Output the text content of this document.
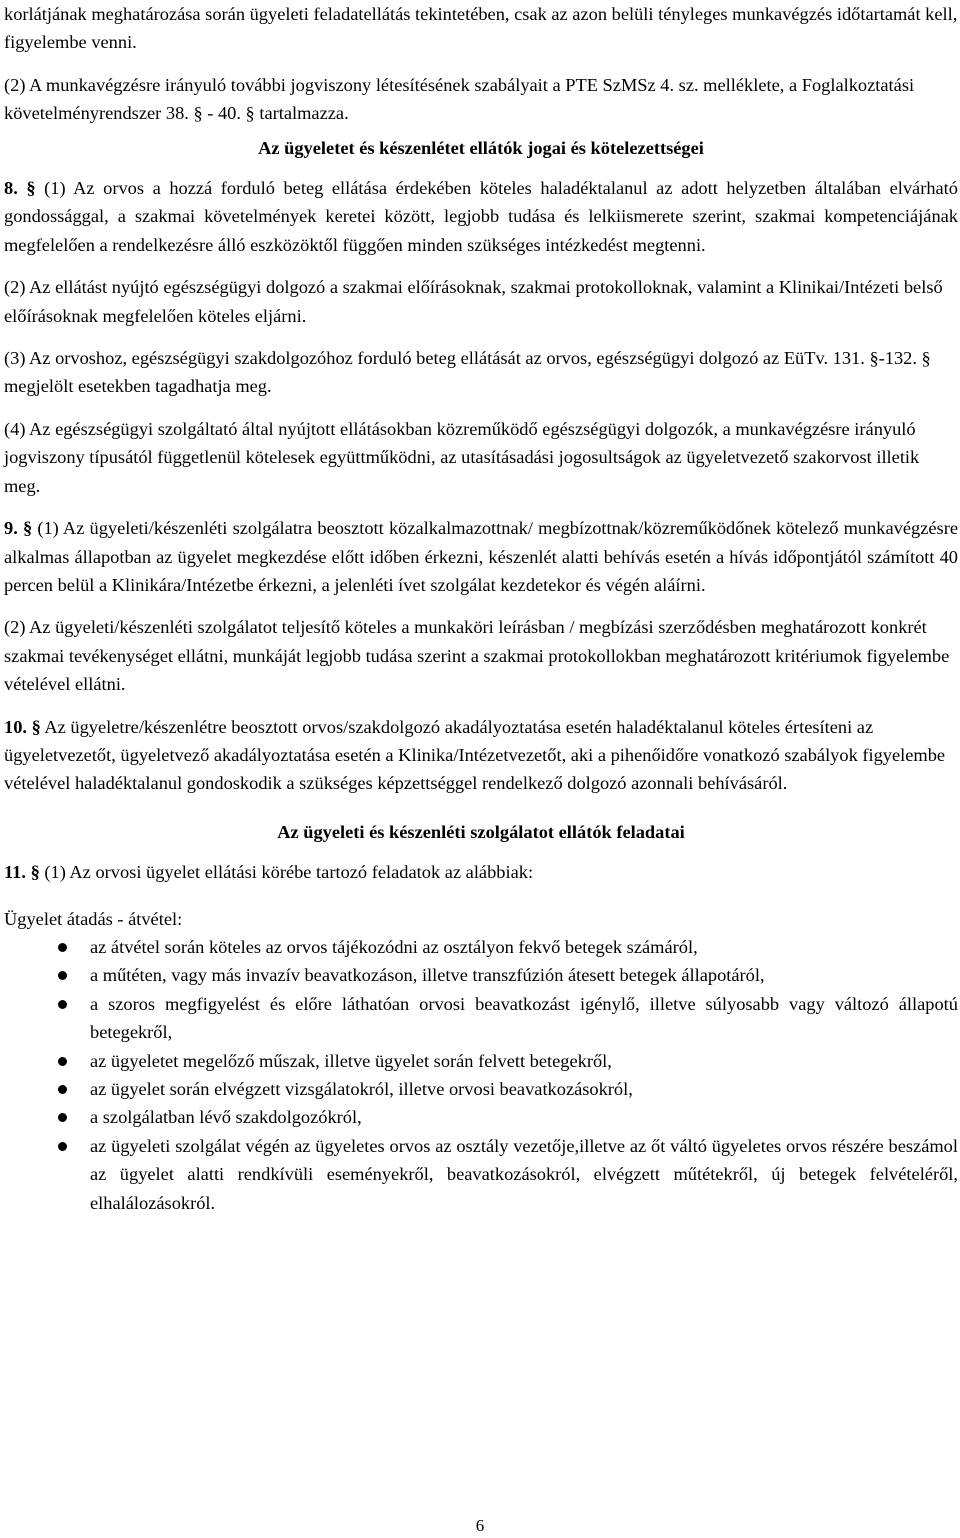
korlátjának meghatározása során ügyeleti feladatellátás tekintetében, csak az azon belüli tényleges munkavégzés időtartamát kell, figyelembe venni.

(2) A munkavégzésre irányuló további jogviszony létesítésének szabályait a PTE SzMSz 4. sz. melléklete, a Foglalkoztatási követelményrendszer 38. § - 40. § tartalmazza.

Az ügyeletet és készenlétet ellátók jogai és kötelezettségei

8. § (1) Az orvos a hozzá forduló beteg ellátása érdekében köteles haladéktalanul az adott helyzetben általában elvárható gondossággal, a szakmai követelmények keretei között, legjobb tudása és lelkiismerete szerint, szakmai kompetenciájának megfelelően a rendelkezésre álló eszközöktől függően minden szükséges intézkedést megtenni.

(2) Az ellátást nyújtó egészségügyi dolgozó a szakmai előírásoknak, szakmai protokolloknak, valamint a Klinikai/Intézeti belső előírásoknak megfelelően köteles eljárni.

(3) Az orvoshoz, egészségügyi szakdolgozóhoz forduló beteg ellátását az orvos, egészségügyi dolgozó az EüTv. 131. §-132. § megjelölt esetekben tagadhatja meg.

(4) Az egészségügyi szolgáltató által nyújtott ellátásokban közreműködő egészségügyi dolgozók, a munkavégzésre irányuló jogviszony típusától függetlenül kötelesek együttműködni, az utasításadási jogosultságok az ügyeletvezető szakorvost illetik meg.

9. § (1) Az ügyeleti/készenléti szolgálatra beosztott közalkalmazottnak/ megbízottnak/közreműködőnek kötelező munkavégzésre alkalmas állapotban az ügyelet megkezdése előtt időben érkezni, készenlét alatti behívás esetén a hívás időpontjától számított 40 percen belül a Klinikára/Intézetbe érkezni, a jelenléti ívet szolgálat kezdetekor és végén aláírni.

(2) Az ügyeleti/készenléti szolgálatot teljesítő köteles a munkaköri leírásban / megbízási szerződésben meghatározott konkrét szakmai tevékenységet ellátni, munkáját legjobb tudása szerint a szakmai protokollokban meghatározott kritériumok figyelembe vételével ellátni.

10. § Az ügyeletre/készenlétre beosztott orvos/szakdolgozó akadályoztatása esetén haladéktalanul köteles értesíteni az ügyeletvezetőt, ügyeletvező akadályoztatása esetén a Klinika/Intézetvezetőt, aki a pihenőidőre vonatkozó szabályok figyelembe vételével haladéktalanul gondoskodik a szükséges képzettséggel rendelkező dolgozó azonnali behívásáról.

Az ügyeleti és készenléti szolgálatot ellátók feladatai

11. § (1) Az orvosi ügyelet ellátási körébe tartozó feladatok az alábbiak:

Ügyelet átadás - átvétel:

az átvétel során köteles az orvos tájékozódni az osztályon fekvő betegek számáról,
a műtéten, vagy más invazív beavatkozáson, illetve transzfúzión átesett betegek állapotáról,
a szoros megfigyelést és előre láthatóan orvosi beavatkozást igénylő, illetve súlyosabb vagy változó állapotú betegekről,
az ügyeletet megelőző műszak, illetve ügyelet során felvett betegekről,
az ügyelet során elvégzett vizsgálatokról, illetve orvosi beavatkozásokról,
a szolgálatban lévő szakdolgozókról,
az ügyeleti szolgálat végén az ügyeletes orvos az osztály vezetője,illetve az őt váltó ügyeletes orvos részére beszámol az ügyelet alatti rendkívüli eseményekről, beavatkozásokról, elvégzett műtétekről, új betegek felvételéről, elhalálozásokról.
6
